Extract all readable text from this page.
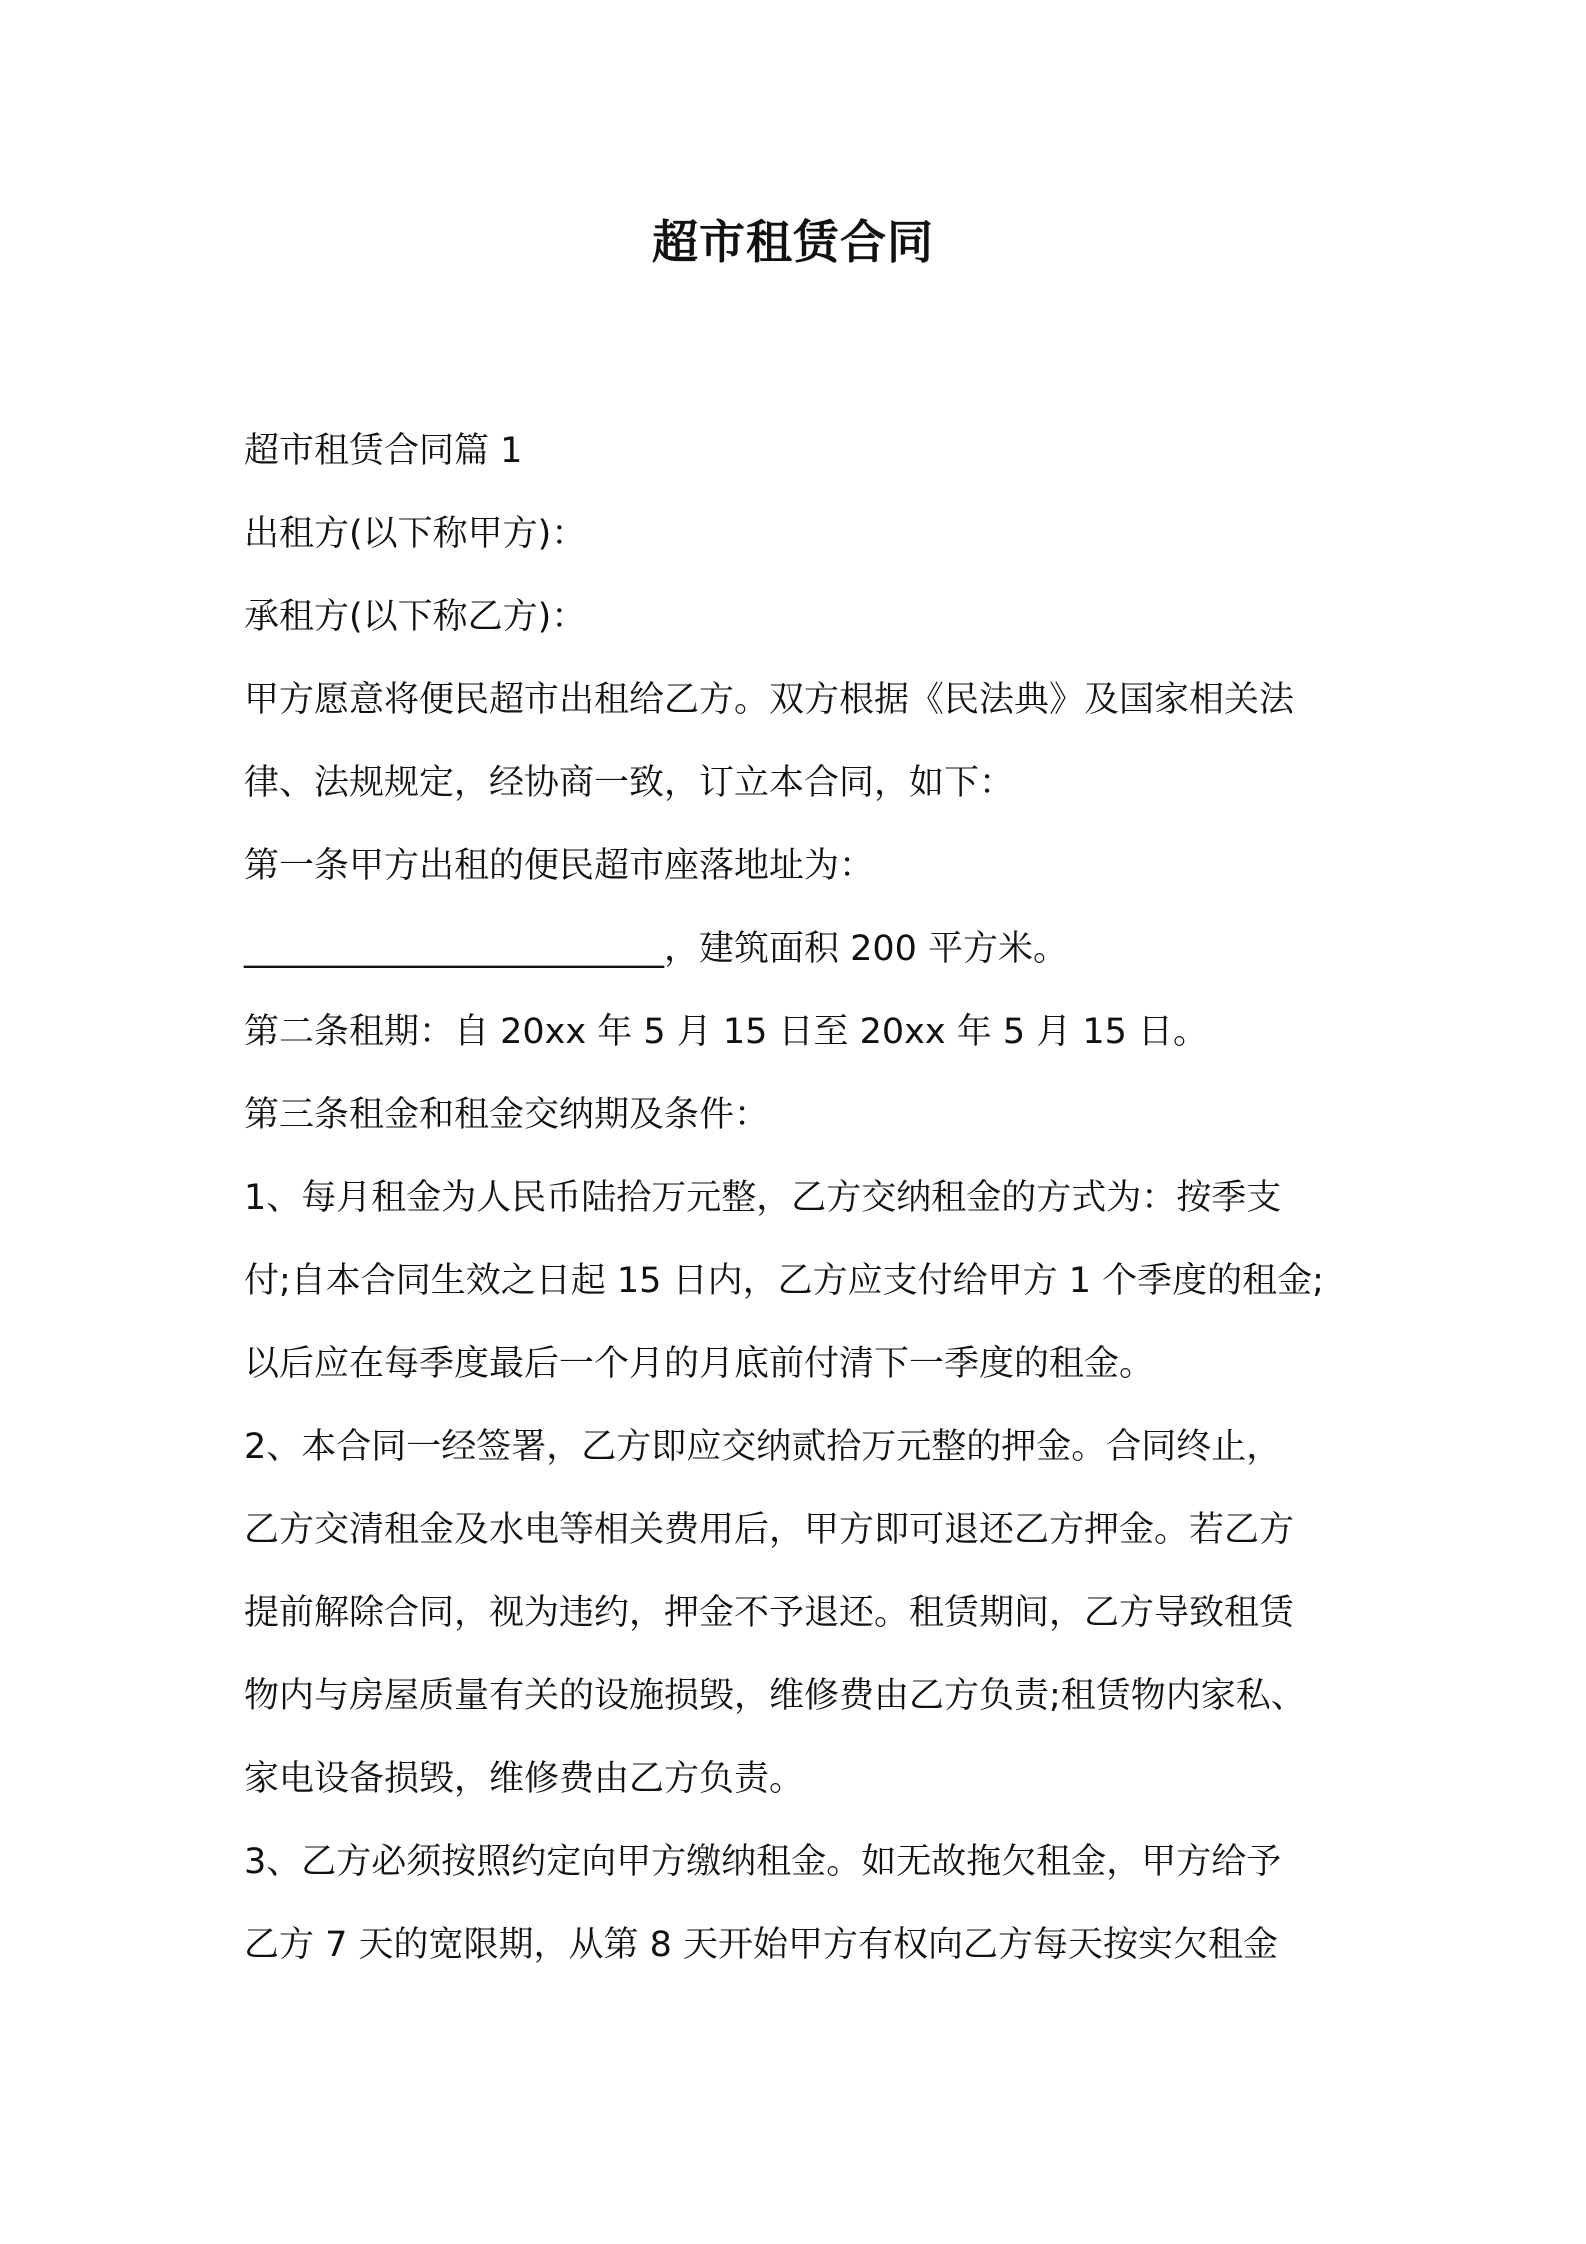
超市租赁合同
超市租赁合同篇 1
出租方(以下称甲方)：
承租方(以下称乙方)：
甲方愿意将便民超市出租给乙方。双方根据《民法典》及国家相关法
律、法规规定，经协商一致，订立本合同，如下：
第一条甲方出租的便民超市座落地址为：
________________________，建筑面积 200 平方米。
第二条租期：自 20xx 年 5 月 15 日至 20xx 年 5 月 15 日。
第三条租金和租金交纳期及条件：
1、每月租金为人民币陆拾万元整，乙方交纳租金的方式为：按季支
付;自本合同生效之日起 15 日内，乙方应支付给甲方 1 个季度的租金;
以后应在每季度最后一个月的月底前付清下一季度的租金。
2、本合同一经签署，乙方即应交纳贰拾万元整的押金。合同终止，
乙方交清租金及水电等相关费用后，甲方即可退还乙方押金。若乙方
提前解除合同，视为违约，押金不予退还。租赁期间，乙方导致租赁
物内与房屋质量有关的设施损毁，维修费由乙方负责;租赁物内家私、
家电设备损毁，维修费由乙方负责。
3、乙方必须按照约定向甲方缴纳租金。如无故拖欠租金，甲方给予
乙方 7 天的宽限期，从第 8 天开始甲方有权向乙方每天按实欠租金
